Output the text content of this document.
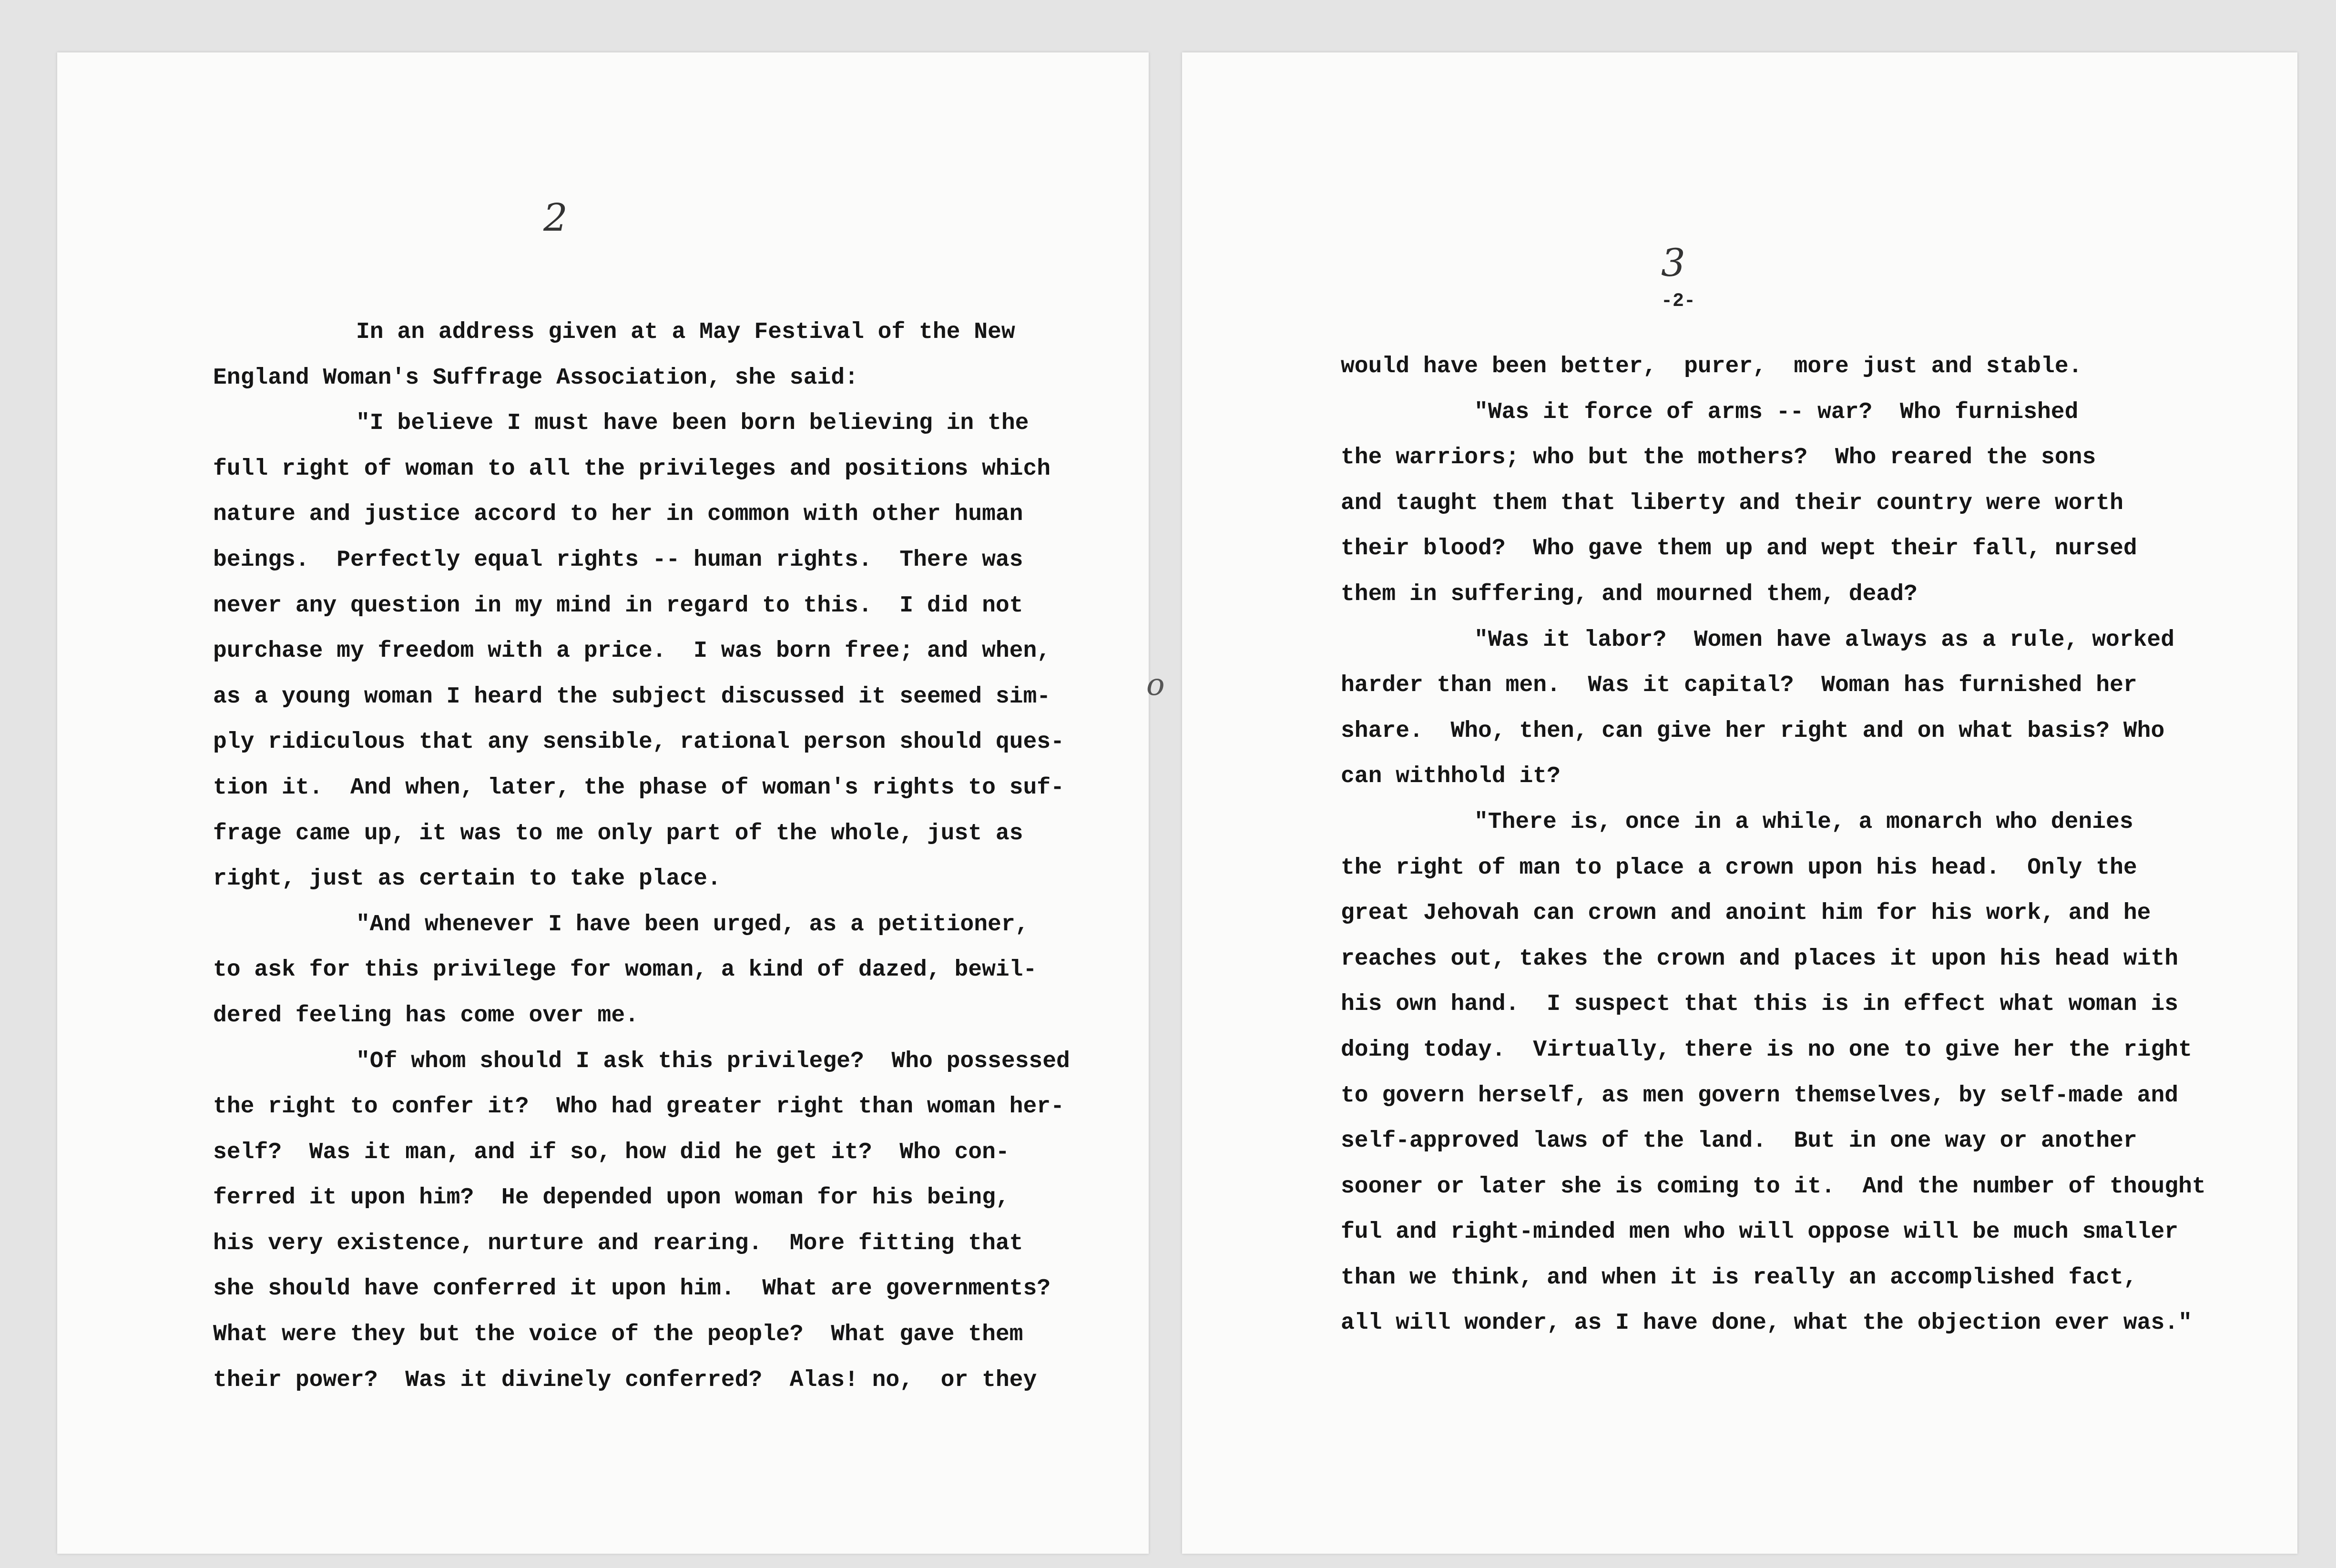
2
In an address given at a May Festival of the New
England Woman's Suffrage Association, she said:
"I believe I must have been born believing in the
full right of woman to all the privileges and positions which
nature and justice accord to her in common with other human
beings.  Perfectly equal rights -- human rights.  There was
never any question in my mind in regard to this.  I did not
purchase my freedom with a price.  I was born free; and when,
as a young woman I heard the subject discussed it seemed sim-
ply ridiculous that any sensible, rational person should ques-
tion it.  And when, later, the phase of woman's rights to suf-
frage came up, it was to me only part of the whole, just as
right, just as certain to take place.
"And whenever I have been urged, as a petitioner,
to ask for this privilege for woman, a kind of dazed, bewil-
dered feeling has come over me.
"Of whom should I ask this privilege?  Who possessed
the right to confer it?  Who had greater right than woman her-
self?  Was it man, and if so, how did he get it?  Who con-
ferred it upon him?  He depended upon woman for his being,
his very existence, nurture and rearing.  More fitting that
she should have conferred it upon him.  What are governments?
What were they but the voice of the people?  What gave them
their power?  Was it divinely conferred?  Alas! no,  or they
o
3
-2-
would have been better,  purer,  more just and stable.
"Was it force of arms -- war?  Who furnished
the warriors; who but the mothers?  Who reared the sons
and taught them that liberty and their country were worth
their blood?  Who gave them up and wept their fall, nursed
them in suffering, and mourned them, dead?
"Was it labor?  Women have always as a rule, worked
harder than men.  Was it capital?  Woman has furnished her
share.  Who, then, can give her right and on what basis? Who
can withhold it?
"There is, once in a while, a monarch who denies
the right of man to place a crown upon his head.  Only the
great Jehovah can crown and anoint him for his work, and he
reaches out, takes the crown and places it upon his head with
his own hand.  I suspect that this is in effect what woman is
doing today.  Virtually, there is no one to give her the right
to govern herself, as men govern themselves, by self-made and
self-approved laws of the land.  But in one way or another
sooner or later she is coming to it.  And the number of thought
ful and right-minded men who will oppose will be much smaller
than we think, and when it is really an accomplished fact,
all will wonder, as I have done, what the objection ever was."
